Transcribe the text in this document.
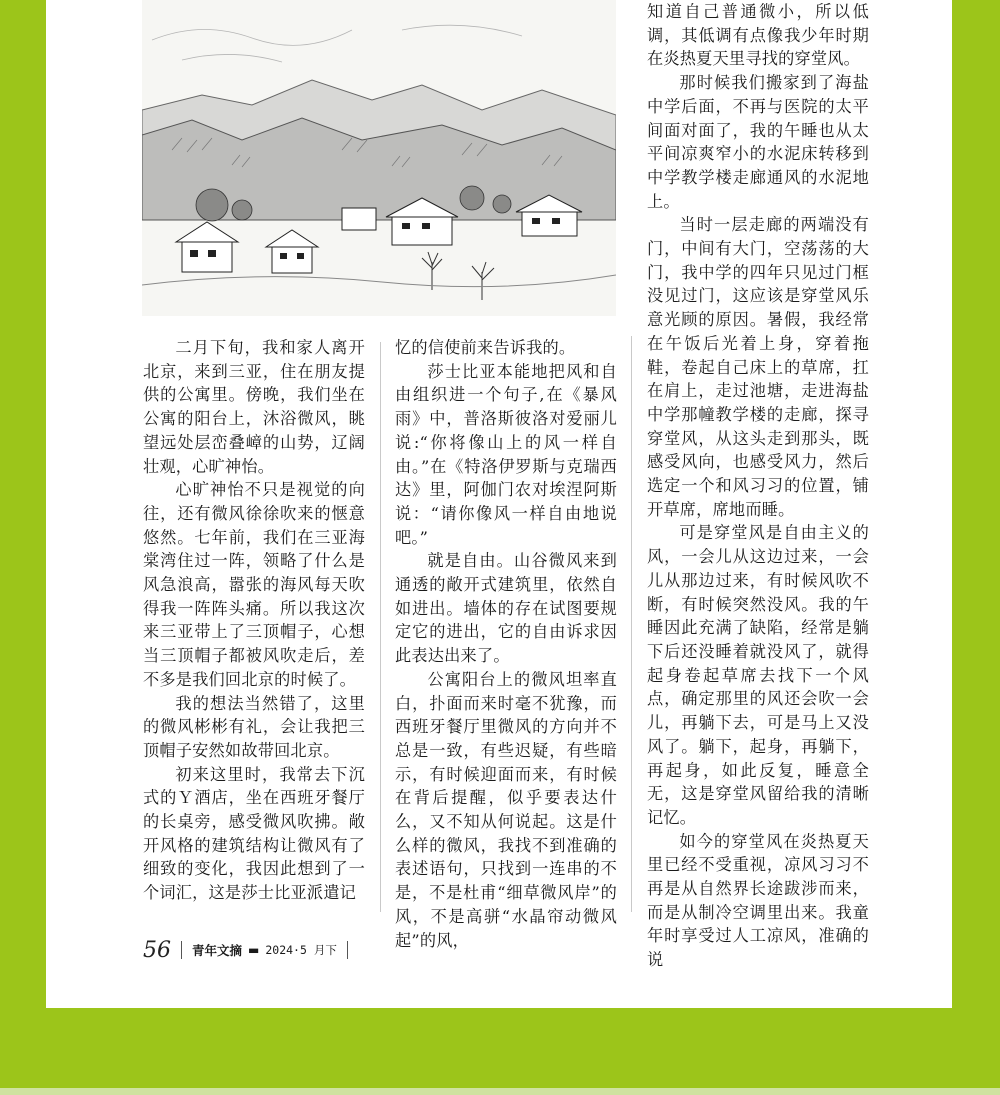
二月下旬，我和家人离开北京，来到三亚，住在朋友提供的公寓里。傍晚，我们坐在公寓的阳台上，沐浴微风，眺望远处层峦叠嶂的山势，辽阔壮观，心旷神怡。

心旷神怡不只是视觉的向往，还有微风徐徐吹来的惬意悠然。七年前，我们在三亚海棠湾住过一阵，领略了什么是风急浪高，嚣张的海风每天吹得我一阵阵头痛。所以我这次来三亚带上了三顶帽子，心想当三顶帽子都被风吹走后，差不多是我们回北京的时候了。

我的想法当然错了，这里的微风彬彬有礼，会让我把三顶帽子安然如故带回北京。

初来这里时，我常去下沉式的Ｙ酒店，坐在西班牙餐厅的长桌旁，感受微风吹拂。敞开风格的建筑结构让微风有了细致的变化，我因此想到了一个词汇，这是莎士比亚派遣记

忆的信使前来告诉我的。

莎士比亚本能地把风和自由组织进一个句子,在《暴风雨》中，普洛斯彼洛对爱丽儿说:“你将像山上的风一样自由。”在《特洛伊罗斯与克瑞西达》里，阿伽门农对埃涅阿斯说：“请你像风一样自由地说吧。”

就是自由。山谷微风来到通透的敞开式建筑里，依然自如进出。墙体的存在试图要规定它的进出，它的自由诉求因此表达出来了。

公寓阳台上的微风坦率直白，扑面而来时毫不犹豫，而西班牙餐厅里微风的方向并不总是一致，有些迟疑，有些暗示，有时候迎面而来，有时候在背后提醒，似乎要表达什么，又不知从何说起。这是什么样的微风，我找不到准确的表述语句，只找到一连串的不是，不是杜甫“细草微风岸”的风，不是高骈“水晶帘动微风起”的风，

知道自己普通微小，所以低调，其低调有点像我少年时期在炎热夏天里寻找的穿堂风。

那时候我们搬家到了海盐中学后面，不再与医院的太平间面对面了，我的午睡也从太平间凉爽窄小的水泥床转移到中学教学楼走廊通风的水泥地上。

当时一层走廊的两端没有门，中间有大门，空荡荡的大门，我中学的四年只见过门框没见过门，这应该是穿堂风乐意光顾的原因。暑假，我经常在午饭后光着上身，穿着拖鞋，卷起自己床上的草席，扛在肩上，走过池塘，走进海盐中学那幢教学楼的走廊，探寻穿堂风，从这头走到那头，既感受风向，也感受风力，然后选定一个和风习习的位置，铺开草席，席地而睡。

可是穿堂风是自由主义的风，一会儿从这边过来，一会儿从那边过来，有时候风吹不断，有时候突然没风。我的午睡因此充满了缺陷，经常是躺下后还没睡着就没风了，就得起身卷起草席去找下一个风点，确定那里的风还会吹一会儿，再躺下去，可是马上又没风了。躺下，起身，再躺下，再起身，如此反复，睡意全无，这是穿堂风留给我的清晰记忆。

如今的穿堂风在炎热夏天里已经不受重视，凉风习习不再是从自然界长途跋涉而来，而是从制冷空调里出来。我童年时享受过人工凉风，准确的说

56 青年文摘 ▬ 2024·5 月下
